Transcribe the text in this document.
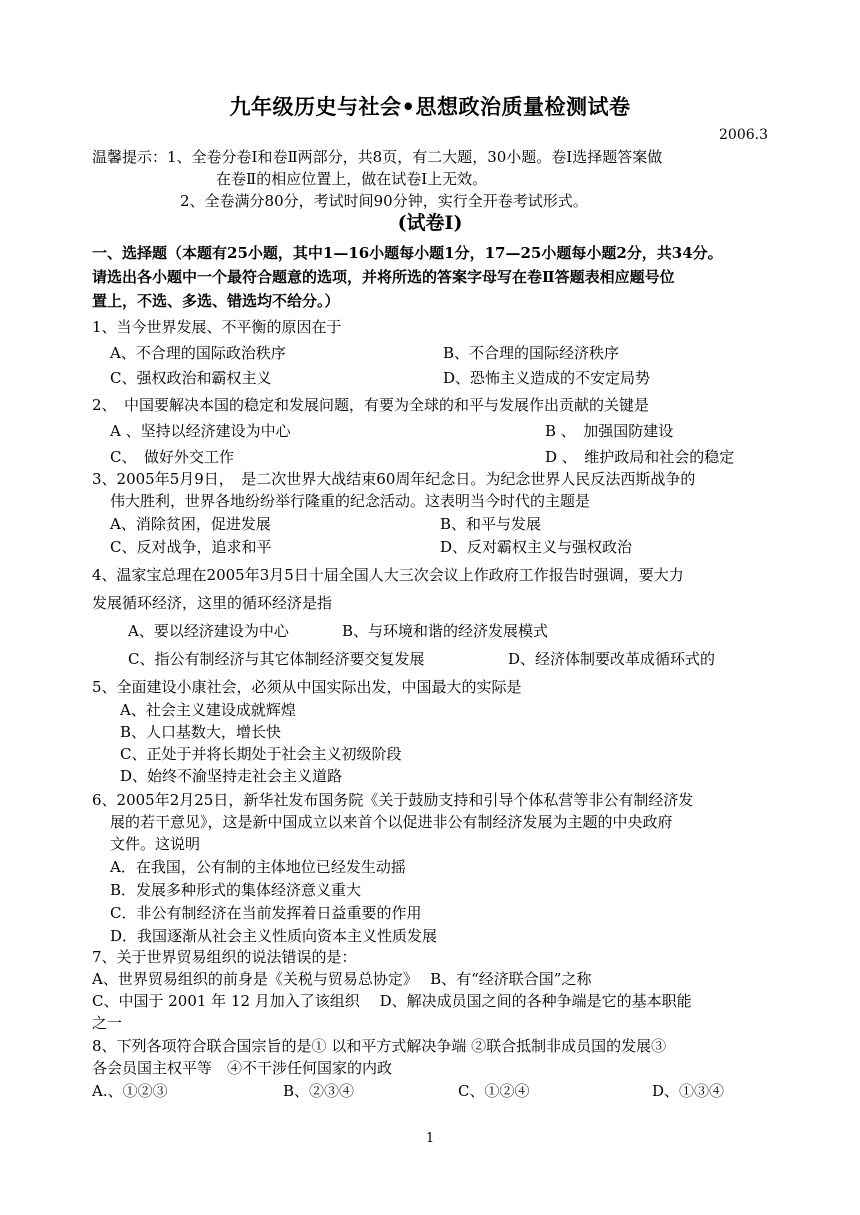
九年级历史与社会•思想政治质量检测试卷
2006.3
温馨提示：1、全卷分卷Ⅰ和卷Ⅱ两部分，共8页，有二大题，30小题。卷Ⅰ选择题答案做
在卷Ⅱ的相应位置上，做在试卷Ⅰ上无效。
2、全卷满分80分，考试时间90分钟，实行全开卷考试形式。
(试卷Ⅰ)
一、选择题（本题有25小题，其中1—16小题每小题1分，17—25小题每小题2分，共34分。
请选出各小题中一个最符合题意的选项，并将所选的答案字母写在卷Ⅱ答题表相应题号位
置上，不选、多选、错选均不给分。）
1、当今世界发展、不平衡的原因在于
A、不合理的国际政治秩序	B、不合理的国际经济秩序
C、强权政治和霸权主义	D、恐怖主义造成的不安定局势
2、　中国要解决本国的稳定和发展问题，有要为全球的和平与发展作出贡献的关键是
A 、坚持以经济建设为中心	B 、　加强国防建设
C、　做好外交工作	D 、　维护政局和社会的稳定
3、2005年5月9日，　是二次世界大战结束60周年纪念日。为纪念世界人民反法西斯战争的
伟大胜利，世界各地纷纷举行隆重的纪念活动。这表明当今时代的主题是
A、消除贫困，促进发展	B、和平与发展
C、反对战争，追求和平	D、反对霸权主义与强权政治
4、温家宝总理在2005年3月5日十届全国人大三次会议上作政府工作报告时强调，要大力
发展循环经济，这里的循环经济是指
A、要以经济建设为中心	B、与环境和谐的经济发展模式
C、指公有制经济与其它体制经济要交复发展	D、经济体制要改革成循环式的
5、全面建设小康社会，必须从中国实际出发，中国最大的实际是
A、社会主义建设成就辉煌
B、人口基数大，增长快
C、正处于并将长期处于社会主义初级阶段
D、始终不渝坚持走社会主义道路
6、2005年2月25日，新华社发布国务院《关于鼓励支持和引导个体私营等非公有制经济发
展的若干意见》，这是新中国成立以来首个以促进非公有制经济发展为主题的中央政府
文件。这说明
A．在我国，公有制的主体地位已经发生动摇
B．发展多种形式的集体经济意义重大
C．非公有制经济在当前发挥着日益重要的作用
D．我国逐渐从社会主义性质向资本主义性质发展
7、关于世界贸易组织的说法错误的是：
A、世界贸易组织的前身是《关税与贸易总协定》　 B、有“经济联合国”之称
C、中国于 2001 年 12 月加入了该组织　 D、解决成员国之间的各种争端是它的基本职能
之一
8、下列各项符合联合国宗旨的是① 以和平方式解决争端 ②联合抵制非成员国的发展③
各会员国主权平等　④不干涉任何国家的内政
A.、①②③	B、②③④	C、①②④	D、①③④
1
